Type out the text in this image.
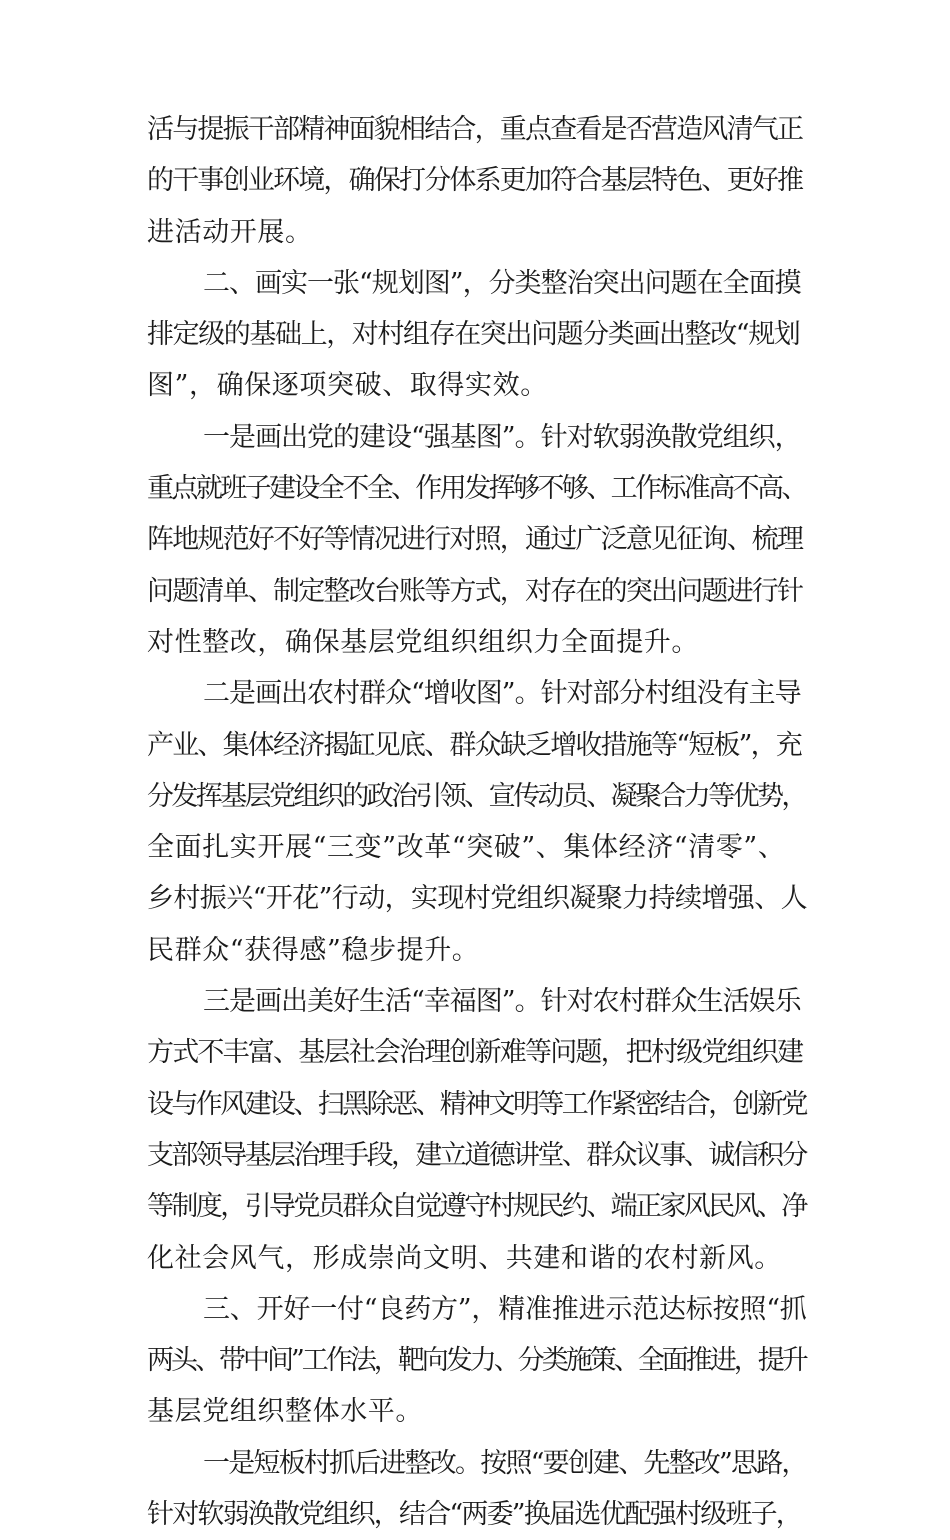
活与提振干部精神面貌相结合，重点查看是否营造风清气正
的干事创业环境，确保打分体系更加符合基层特色、更好推
进活动开展。
二、画实一张“规划图”，分类整治突出问题在全面摸
排定级的基础上，对村组存在突出问题分类画出整改“规划
图”，确保逐项突破、取得实效。
一是画出党的建设“强基图”。针对软弱涣散党组织，
重点就班子建设全不全、作用发挥够不够、工作标准高不高、
阵地规范好不好等情况进行对照，通过广泛意见征询、梳理
问题清单、制定整改台账等方式，对存在的突出问题进行针
对性整改，确保基层党组织组织力全面提升。
二是画出农村群众“增收图”。针对部分村组没有主导
产业、集体经济揭缸见底、群众缺乏增收措施等“短板”，充
分发挥基层党组织的政治引领、宣传动员、凝聚合力等优势，
全面扎实开展“三变”改革“突破”、集体经济“清零”、
乡村振兴“开花”行动，实现村党组织凝聚力持续增强、人
民群众“获得感”稳步提升。
三是画出美好生活“幸福图”。针对农村群众生活娱乐
方式不丰富、基层社会治理创新难等问题，把村级党组织建
设与作风建设、扫黑除恶、精神文明等工作紧密结合，创新党
支部领导基层治理手段，建立道德讲堂、群众议事、诚信积分
等制度，引导党员群众自觉遵守村规民约、端正家风民风、净
化社会风气，形成崇尚文明、共建和谐的农村新风。
三、开好一付“良药方”，精准推进示范达标按照“抓
两头、带中间”工作法，靶向发力、分类施策、全面推进，提升
基层党组织整体水平。
一是短板村抓后进整改。按照“要创建、先整改”思路，
针对软弱涣散党组织，结合“两委”换届选优配强村级班子，
